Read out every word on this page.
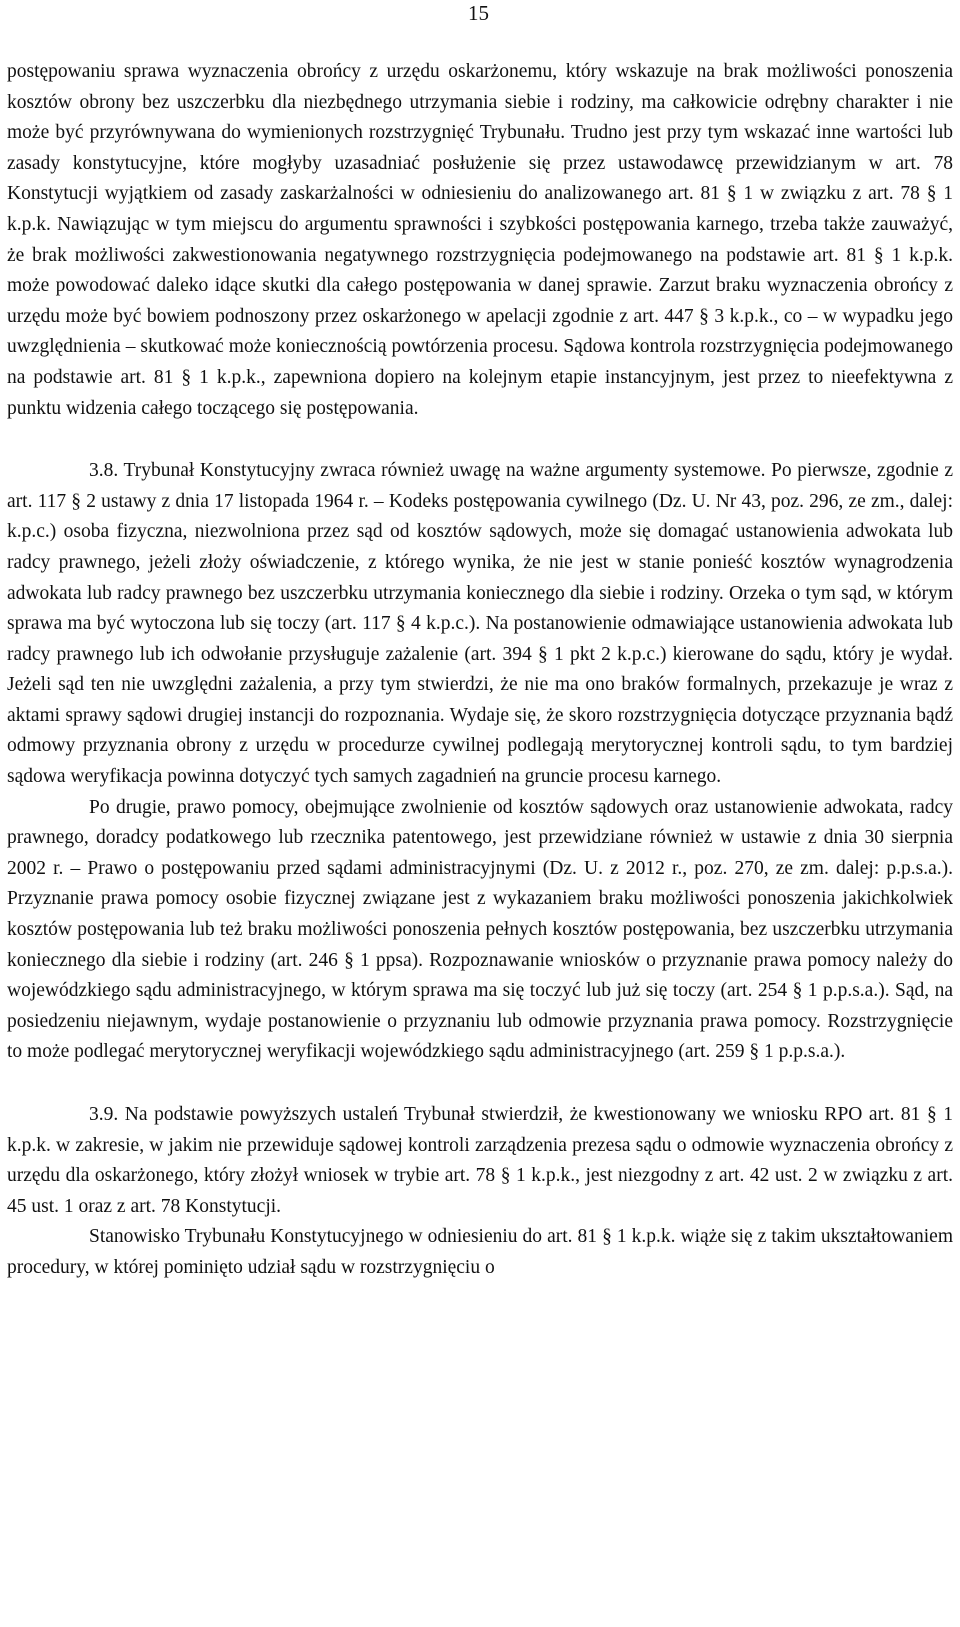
15

postępowaniu sprawa wyznaczenia obrońcy z urzędu oskarżonemu, który wskazuje na brak możliwości ponoszenia kosztów obrony bez uszczerbku dla niezbędnego utrzymania siebie i rodziny, ma całkowicie odrębny charakter i nie może być przyrównywana do wymienionych rozstrzygnięć Trybunału. Trudno jest przy tym wskazać inne wartości lub zasady konstytucyjne, które mogłyby uzasadniać posłużenie się przez ustawodawcę przewidzianym w art. 78 Konstytucji wyjątkiem od zasady zaskarżalności w odniesieniu do analizowanego art. 81 § 1 w związku z art. 78 § 1 k.p.k. Nawiązując w tym miejscu do argumentu sprawności i szybkości postępowania karnego, trzeba także zauważyć, że brak możliwości zakwestionowania negatywnego rozstrzygnięcia podejmowanego na podstawie art. 81 § 1 k.p.k. może powodować daleko idące skutki dla całego postępowania w danej sprawie. Zarzut braku wyznaczenia obrońcy z urzędu może być bowiem podnoszony przez oskarżonego w apelacji zgodnie z art. 447 § 3 k.p.k., co – w wypadku jego uwzględnienia – skutkować może koniecznością powtórzenia procesu. Sądowa kontrola rozstrzygnięcia podejmowanego na podstawie art. 81 § 1 k.p.k., zapewniona dopiero na kolejnym etapie instancyjnym, jest przez to nieefektywna z punktu widzenia całego toczącego się postępowania.

3.8. Trybunał Konstytucyjny zwraca również uwagę na ważne argumenty systemowe. Po pierwsze, zgodnie z art. 117 § 2 ustawy z dnia 17 listopada 1964 r. – Kodeks postępowania cywilnego (Dz. U. Nr 43, poz. 296, ze zm., dalej: k.p.c.) osoba fizyczna, niezwolniona przez sąd od kosztów sądowych, może się domagać ustanowienia adwokata lub radcy prawnego, jeżeli złoży oświadczenie, z którego wynika, że nie jest w stanie ponieść kosztów wynagrodzenia adwokata lub radcy prawnego bez uszczerbku utrzymania koniecznego dla siebie i rodziny. Orzeka o tym sąd, w którym sprawa ma być wytoczona lub się toczy (art. 117 § 4 k.p.c.). Na postanowienie odmawiające ustanowienia adwokata lub radcy prawnego lub ich odwołanie przysługuje zażalenie (art. 394 § 1 pkt 2 k.p.c.) kierowane do sądu, który je wydał. Jeżeli sąd ten nie uwzględni zażalenia, a przy tym stwierdzi, że nie ma ono braków formalnych, przekazuje je wraz z aktami sprawy sądowi drugiej instancji do rozpoznania. Wydaje się, że skoro rozstrzygnięcia dotyczące przyznania bądź odmowy przyznania obrony z urzędu w procedurze cywilnej podlegają merytorycznej kontroli sądu, to tym bardziej sądowa weryfikacja powinna dotyczyć tych samych zagadnień na gruncie procesu karnego.

Po drugie, prawo pomocy, obejmujące zwolnienie od kosztów sądowych oraz ustanowienie adwokata, radcy prawnego, doradcy podatkowego lub rzecznika patentowego, jest przewidziane również w ustawie z dnia 30 sierpnia 2002 r. – Prawo o postępowaniu przed sądami administracyjnymi (Dz. U. z 2012 r., poz. 270, ze zm. dalej: p.p.s.a.). Przyznanie prawa pomocy osobie fizycznej związane jest z wykazaniem braku możliwości ponoszenia jakichkolwiek kosztów postępowania lub też braku możliwości ponoszenia pełnych kosztów postępowania, bez uszczerbku utrzymania koniecznego dla siebie i rodziny (art. 246 § 1 ppsa). Rozpoznawanie wniosków o przyznanie prawa pomocy należy do wojewódzkiego sądu administracyjnego, w którym sprawa ma się toczyć lub już się toczy (art. 254 § 1 p.p.s.a.). Sąd, na posiedzeniu niejawnym, wydaje postanowienie o przyznaniu lub odmowie przyznania prawa pomocy. Rozstrzygnięcie to może podlegać merytorycznej weryfikacji wojewódzkiego sądu administracyjnego (art. 259 § 1 p.p.s.a.).

3.9. Na podstawie powyższych ustaleń Trybunał stwierdził, że kwestionowany we wniosku RPO art. 81 § 1 k.p.k. w zakresie, w jakim nie przewiduje sądowej kontroli zarządzenia prezesa sądu o odmowie wyznaczenia obrońcy z urzędu dla oskarżonego, który złożył wniosek w trybie art. 78 § 1 k.p.k., jest niezgodny z art. 42 ust. 2 w związku z art. 45 ust. 1 oraz z art. 78 Konstytucji.

Stanowisko Trybunału Konstytucyjnego w odniesieniu do art. 81 § 1 k.p.k. wiąże się z takim ukształtowaniem procedury, w której pominięto udział sądu w rozstrzygnięciu o
